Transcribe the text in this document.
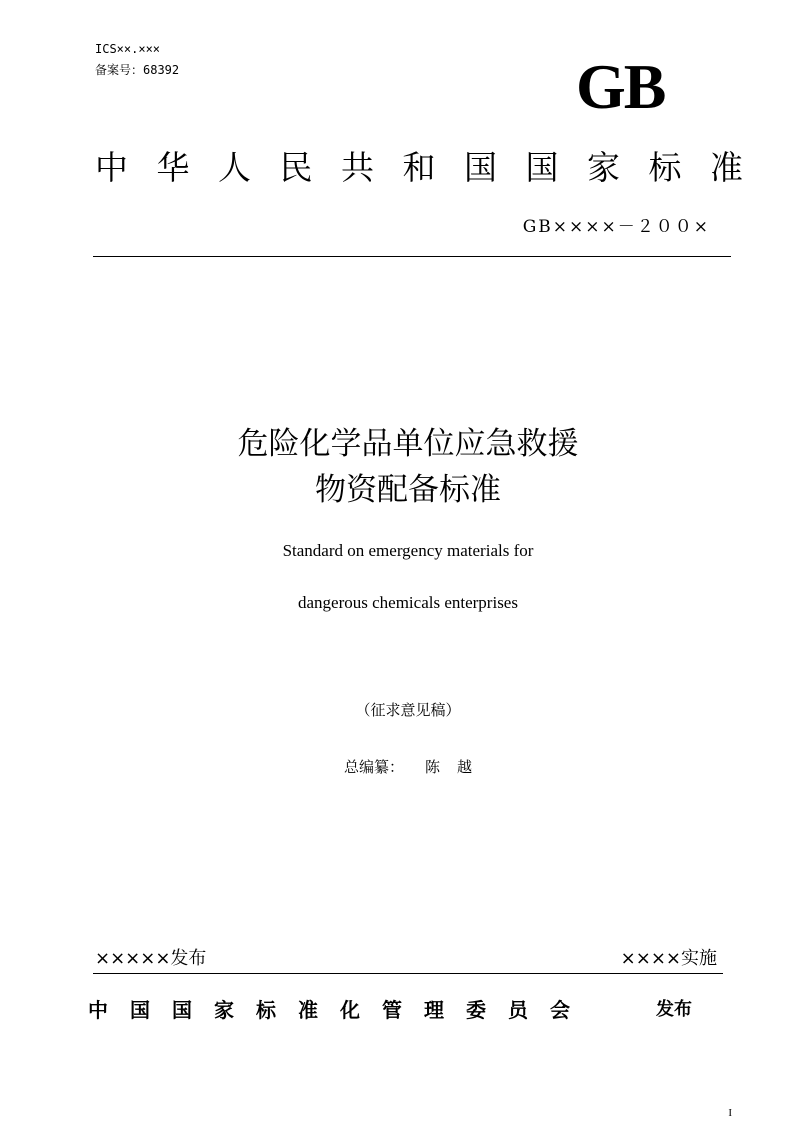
ICS××.×××
备案号：68392	GB
中华人民共和国国家标准
GB××××－２００×
危险化学品单位应急救援
物资配备标准
Standard on emergency materials for
dangerous chemicals enterprises
（征求意见稿）
总编纂： 陈越
×××××发布	××××实施
中国国家标准化管理委员会	发布
I
